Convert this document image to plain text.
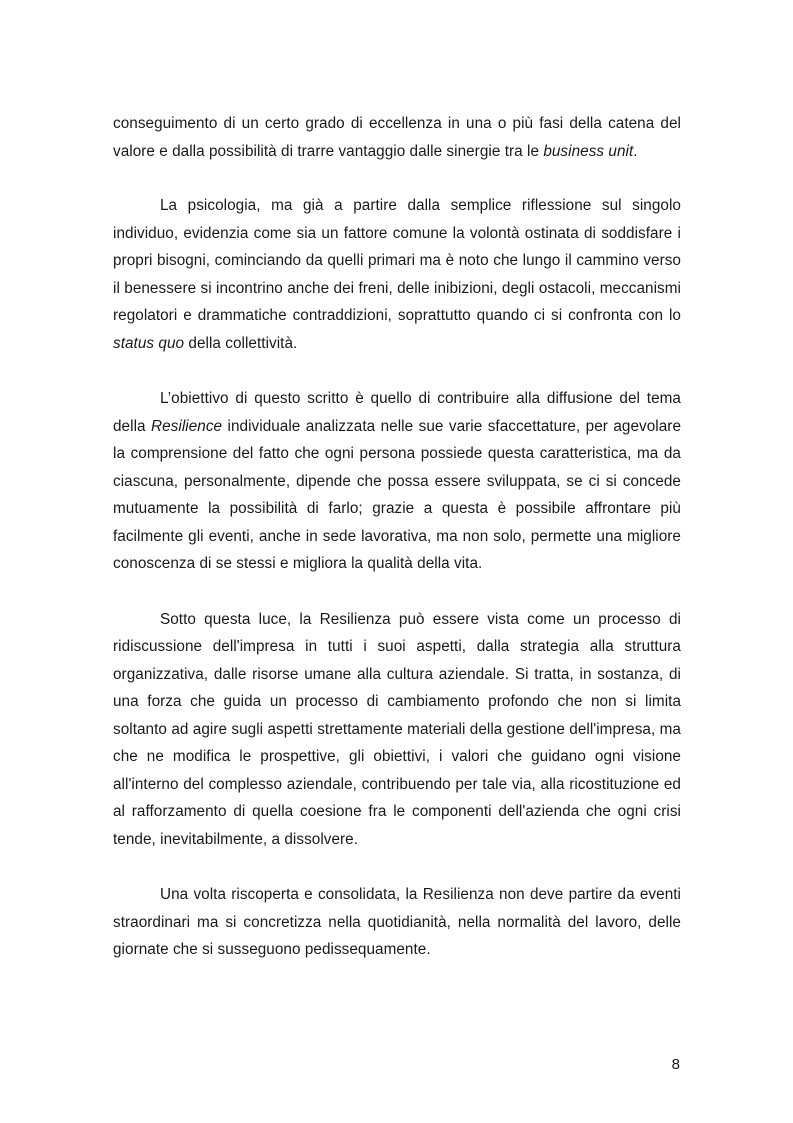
conseguimento di un certo grado di eccellenza in una o più fasi della catena del valore e dalla possibilità di trarre vantaggio dalle sinergie tra le business unit.

La psicologia, ma già a partire dalla semplice riflessione sul singolo individuo, evidenzia come sia un fattore comune la volontà ostinata di soddisfare i propri bisogni, cominciando da quelli primari ma è noto che lungo il cammino verso il benessere si incontrino anche dei freni, delle inibizioni, degli ostacoli, meccanismi regolatori e drammatiche contraddizioni, soprattutto quando ci si confronta con lo status quo della collettività.

L’obiettivo di questo scritto è quello di contribuire alla diffusione del tema della Resilience individuale analizzata nelle sue varie sfaccettature, per agevolare la comprensione del fatto che ogni persona possiede questa caratteristica, ma da ciascuna, personalmente, dipende che possa essere sviluppata, se ci si concede mutuamente la possibilità di farlo; grazie a questa è possibile affrontare più facilmente gli eventi, anche in sede lavorativa, ma non solo, permette una migliore conoscenza di se stessi e migliora la qualità della vita.

Sotto questa luce, la Resilienza può essere vista come un processo di ridiscussione dell'impresa in tutti i suoi aspetti, dalla strategia alla struttura organizzativa, dalle risorse umane alla cultura aziendale. Si tratta, in sostanza, di una forza che guida un processo di cambiamento profondo che non si limita soltanto ad agire sugli aspetti strettamente materiali della gestione dell'impresa, ma che ne modifica le prospettive, gli obiettivi, i valori che guidano ogni visione all'interno del complesso aziendale, contribuendo per tale via, alla ricostituzione ed al rafforzamento di quella coesione fra le componenti dell'azienda che ogni crisi tende, inevitabilmente, a dissolvere.

Una volta riscoperta e consolidata, la Resilienza non deve partire da eventi straordinari ma si concretizza nella quotidianità, nella normalità del lavoro, delle giornate che si susseguono pedissequamente.

8
